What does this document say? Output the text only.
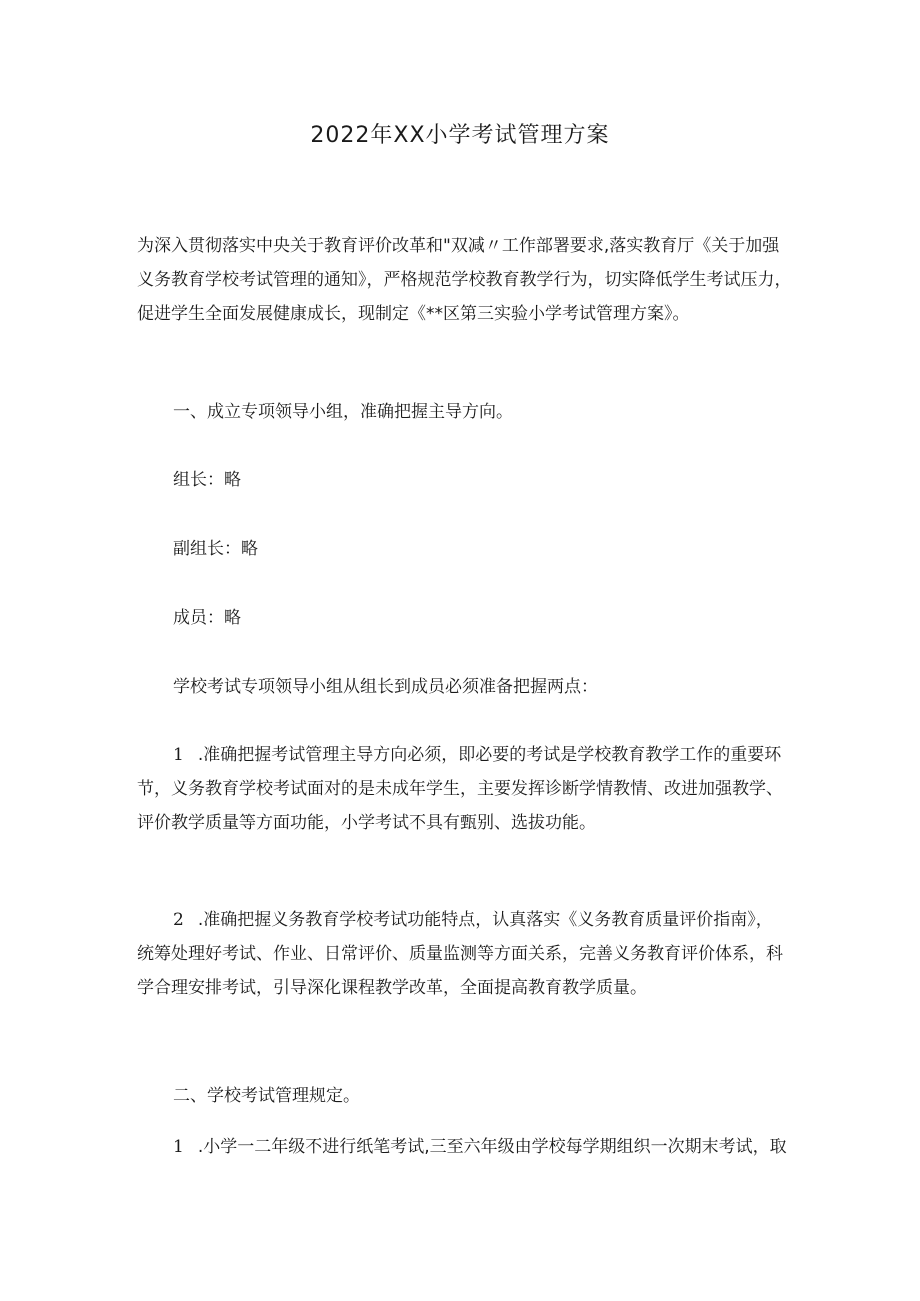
2022年XX小学考试管理方案

为深入贯彻落实中央关于教育评价改革和"双减〃工作部署要求,落实教育厅《关于加强
义务教育学校考试管理的通知》，严格规范学校教育教学行为，切实降低学生考试压力，
促进学生全面发展健康成长，现制定《**区第三实验小学考试管理方案》。

一、成立专项领导小组，准确把握主导方向。

组长：略

副组长：略

成员：略

学校考试专项领导小组从组长到成员必须准备把握两点：

1 .准确把握考试管理主导方向必须，即必要的考试是学校教育教学工作的重要环
节，义务教育学校考试面对的是未成年学生，主要发挥诊断学情教情、改进加强教学、
评价教学质量等方面功能，小学考试不具有甄别、选拔功能。

2 .准确把握义务教育学校考试功能特点，认真落实《义务教育质量评价指南》，
统筹处理好考试、作业、日常评价、质量监测等方面关系，完善义务教育评价体系，科
学合理安排考试，引导深化课程教学改革，全面提高教育教学质量。

二、学校考试管理规定。

1 .小学一二年级不进行纸笔考试,三至六年级由学校每学期组织一次期末考试，取
